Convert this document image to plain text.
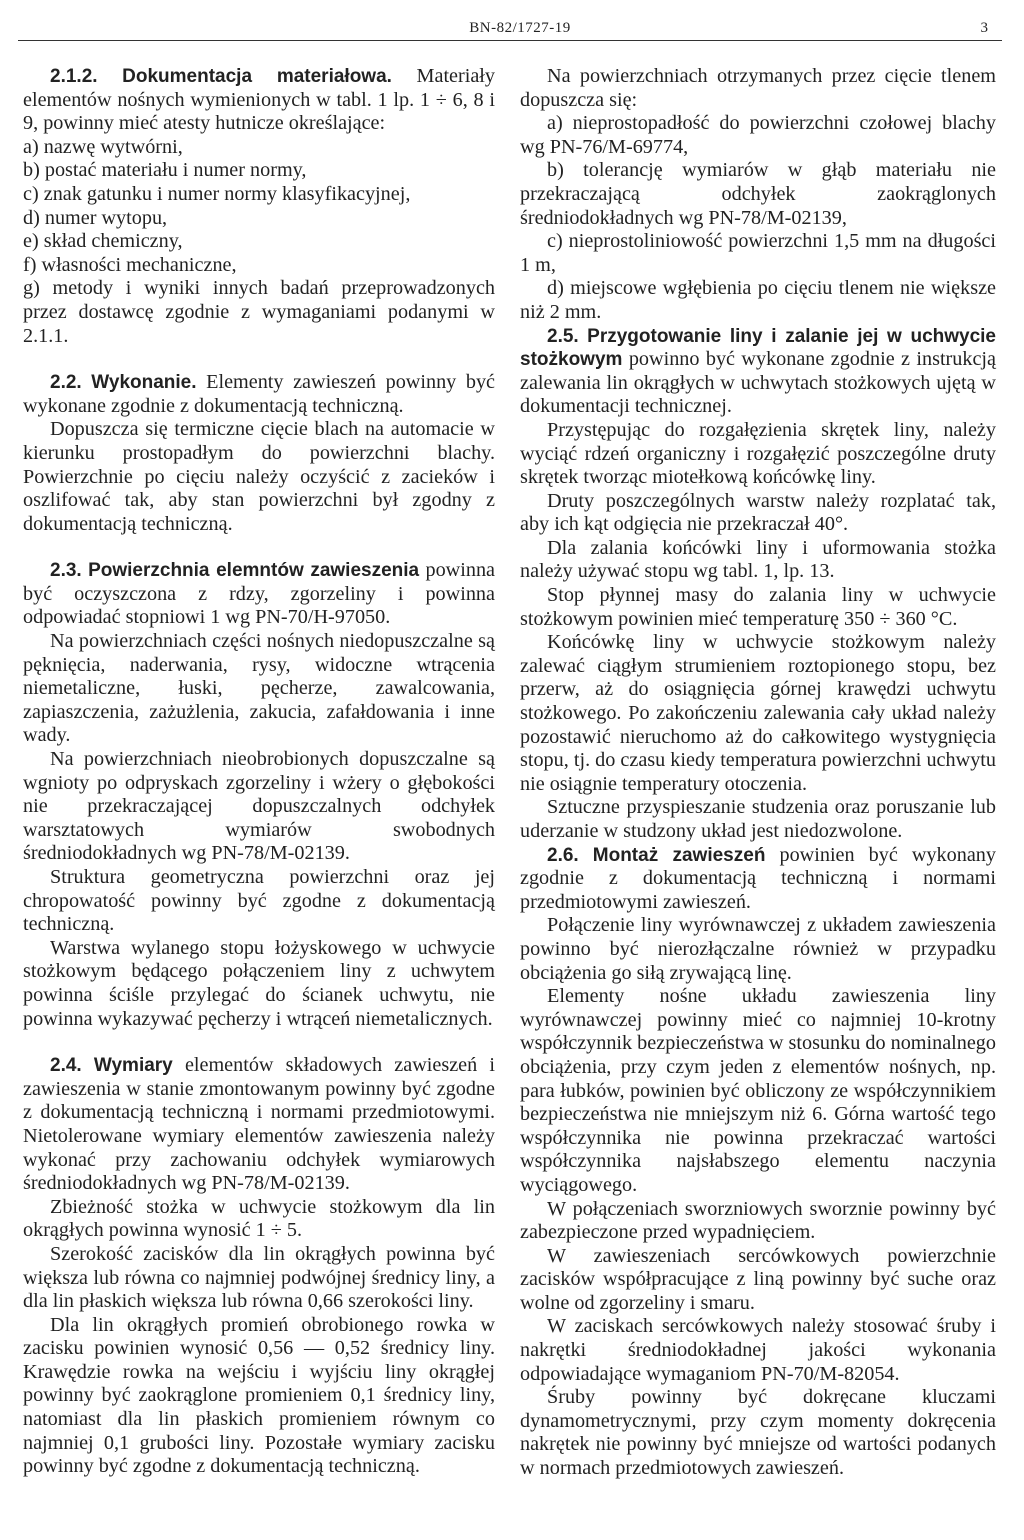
BN-82/1727-19	3

2.1.2. Dokumentacja materiałowa. Materiały elementów nośnych wymienionych w tabl. 1 lp. 1 ÷ 6, 8 i 9, powinny mieć atesty hutnicze określające:

a) nazwę wytwórni,

b) postać materiału i numer normy,

c) znak gatunku i numer normy klasyfikacyjnej,

d) numer wytopu,

e) skład chemiczny,

f) własności mechaniczne,

g) metody i wyniki innych badań przeprowadzonych przez dostawcę zgodnie z wymaganiami podanymi w 2.1.1.

2.2. Wykonanie. Elementy zawieszeń powinny być wykonane zgodnie z dokumentacją techniczną.

Dopuszcza się termiczne cięcie blach na automacie w kierunku prostopadłym do powierzchni blachy. Powierzchnie po cięciu należy oczyścić z zacieków i oszlifować tak, aby stan powierzchni był zgodny z dokumentacją techniczną.

2.3. Powierzchnia elemntów zawieszenia powinna być oczyszczona z rdzy, zgorzeliny i powinna odpowiadać stopniowi 1 wg PN-70/H-97050.

Na powierzchniach części nośnych niedopuszczalne są pęknięcia, naderwania, rysy, widoczne wtrącenia niemetaliczne, łuski, pęcherze, zawalcowania, zapiaszczenia, zażużlenia, zakucia, zafałdowania i inne wady.

Na powierzchniach nieobrobionych dopuszczalne są wgnioty po odpryskach zgorzeliny i wżery o głębokości nie przekraczającej dopuszczalnych odchyłek warsztatowych wymiarów swobodnych średniodokładnych wg PN-78/M-02139.

Struktura geometryczna powierzchni oraz jej chropowatość powinny być zgodne z dokumentacją techniczną.

Warstwa wylanego stopu łożyskowego w uchwycie stożkowym będącego połączeniem liny z uchwytem powinna ściśle przylegać do ścianek uchwytu, nie powinna wykazywać pęcherzy i wtrąceń niemetalicznych.

2.4. Wymiary elementów składowych zawieszeń i zawieszenia w stanie zmontowanym powinny być zgodne z dokumentacją techniczną i normami przedmiotowymi. Nietolerowane wymiary elementów zawieszenia należy wykonać przy zachowaniu odchyłek wymiarowych średniodokładnych wg PN-78/M-02139.

Zbieżność stożka w uchwycie stożkowym dla lin okrągłych powinna wynosić 1 ÷ 5.

Szerokość zacisków dla lin okrągłych powinna być większa lub równa co najmniej podwójnej średnicy liny, a dla lin płaskich większa lub równa 0,66 szerokości liny.

Dla lin okrągłych promień obrobionego rowka w zacisku powinien wynosić 0,56 — 0,52 średnicy liny. Krawędzie rowka na wejściu i wyjściu liny okrągłej powinny być zaokrąglone promieniem 0,1 średnicy liny, natomiast dla lin płaskich promieniem równym co najmniej 0,1 grubości liny. Pozostałe wymiary zacisku powinny być zgodne z dokumentacją techniczną.

Na powierzchniach otrzymanych przez cięcie tlenem dopuszcza się:

a) nieprostopadłość do powierzchni czołowej blachy wg PN-76/M-69774,

b) tolerancję wymiarów w głąb materiału nie przekraczającą odchyłek zaokrąglonych średniodokładnych wg PN-78/M-02139,

c) nieprostoliniowość powierzchni 1,5 mm na długości 1 m,

d) miejscowe wgłębienia po cięciu tlenem nie większe niż 2 mm.

2.5. Przygotowanie liny i zalanie jej w uchwycie stożkowym powinno być wykonane zgodnie z instrukcją zalewania lin okrągłych w uchwytach stożkowych ujętą w dokumentacji technicznej.

Przystępując do rozgałęzienia skrętek liny, należy wyciąć rdzeń organiczny i rozgałęzić poszczególne druty skrętek tworząc miotełkową końcówkę liny.

Druty poszczególnych warstw należy rozplatać tak, aby ich kąt odgięcia nie przekraczał 40°.

Dla zalania końcówki liny i uformowania stożka należy używać stopu wg tabl. 1, lp. 13.

Stop płynnej masy do zalania liny w uchwycie stożkowym powinien mieć temperaturę 350 ÷ 360 °C.

Końcówkę liny w uchwycie stożkowym należy zalewać ciągłym strumieniem roztopionego stopu, bez przerw, aż do osiągnięcia górnej krawędzi uchwytu stożkowego. Po zakończeniu zalewania cały układ należy pozostawić nieruchomo aż do całkowitego wystygnięcia stopu, tj. do czasu kiedy temperatura powierzchni uchwytu nie osiągnie temperatury otoczenia.

Sztuczne przyspieszanie studzenia oraz poruszanie lub uderzanie w studzony układ jest niedozwolone.

2.6. Montaż zawieszeń powinien być wykonany zgodnie z dokumentacją techniczną i normami przedmiotowymi zawieszeń.

Połączenie liny wyrównawczej z układem zawieszenia powinno być nierozłączalne również w przypadku obciążenia go siłą zrywającą linę.

Elementy nośne układu zawieszenia liny wyrównawczej powinny mieć co najmniej 10-krotny współczynnik bezpieczeństwa w stosunku do nominalnego obciążenia, przy czym jeden z elementów nośnych, np. para łubków, powinien być obliczony ze współczynnikiem bezpieczeństwa nie mniejszym niż 6. Górna wartość tego współczynnika nie powinna przekraczać wartości współczynnika najsłabszego elementu naczynia wyciągowego.

W połączeniach sworzniowych sworznie powinny być zabezpieczone przed wypadnięciem.

W zawieszeniach sercówkowych powierzchnie zacisków współpracujące z liną powinny być suche oraz wolne od zgorzeliny i smaru.

W zaciskach sercówkowych należy stosować śruby i nakrętki średniodokładnej jakości wykonania odpowiadające wymaganiom PN-70/M-82054.

Śruby powinny być dokręcane kluczami dynamometrycznymi, przy czym momenty dokręcenia nakrętek nie powinny być mniejsze od wartości podanych w normach przedmiotowych zawieszeń.
